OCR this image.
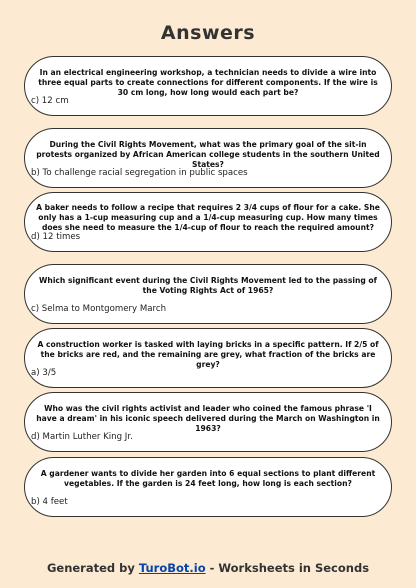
Answers
In an electrical engineering workshop, a technician needs to divide a wire into three equal parts to create connections for different components. If the wire is 30 cm long, how long would each part be?
c) 12 cm
During the Civil Rights Movement, what was the primary goal of the sit-in protests organized by African American college students in the southern United States?
b) To challenge racial segregation in public spaces
A baker needs to follow a recipe that requires 2 3/4 cups of flour for a cake. She only has a 1-cup measuring cup and a 1/4-cup measuring cup. How many times does she need to measure the 1/4-cup of flour to reach the required amount?
d) 12 times
Which significant event during the Civil Rights Movement led to the passing of the Voting Rights Act of 1965?
c) Selma to Montgomery March
A construction worker is tasked with laying bricks in a specific pattern. If 2/5 of the bricks are red, and the remaining are grey, what fraction of the bricks are grey?
a) 3/5
Who was the civil rights activist and leader who coined the famous phrase 'I have a dream' in his iconic speech delivered during the March on Washington in 1963?
d) Martin Luther King Jr.
A gardener wants to divide her garden into 6 equal sections to plant different vegetables. If the garden is 24 feet long, how long is each section?
b) 4 feet
Generated by TuroBot.io - Worksheets in Seconds
